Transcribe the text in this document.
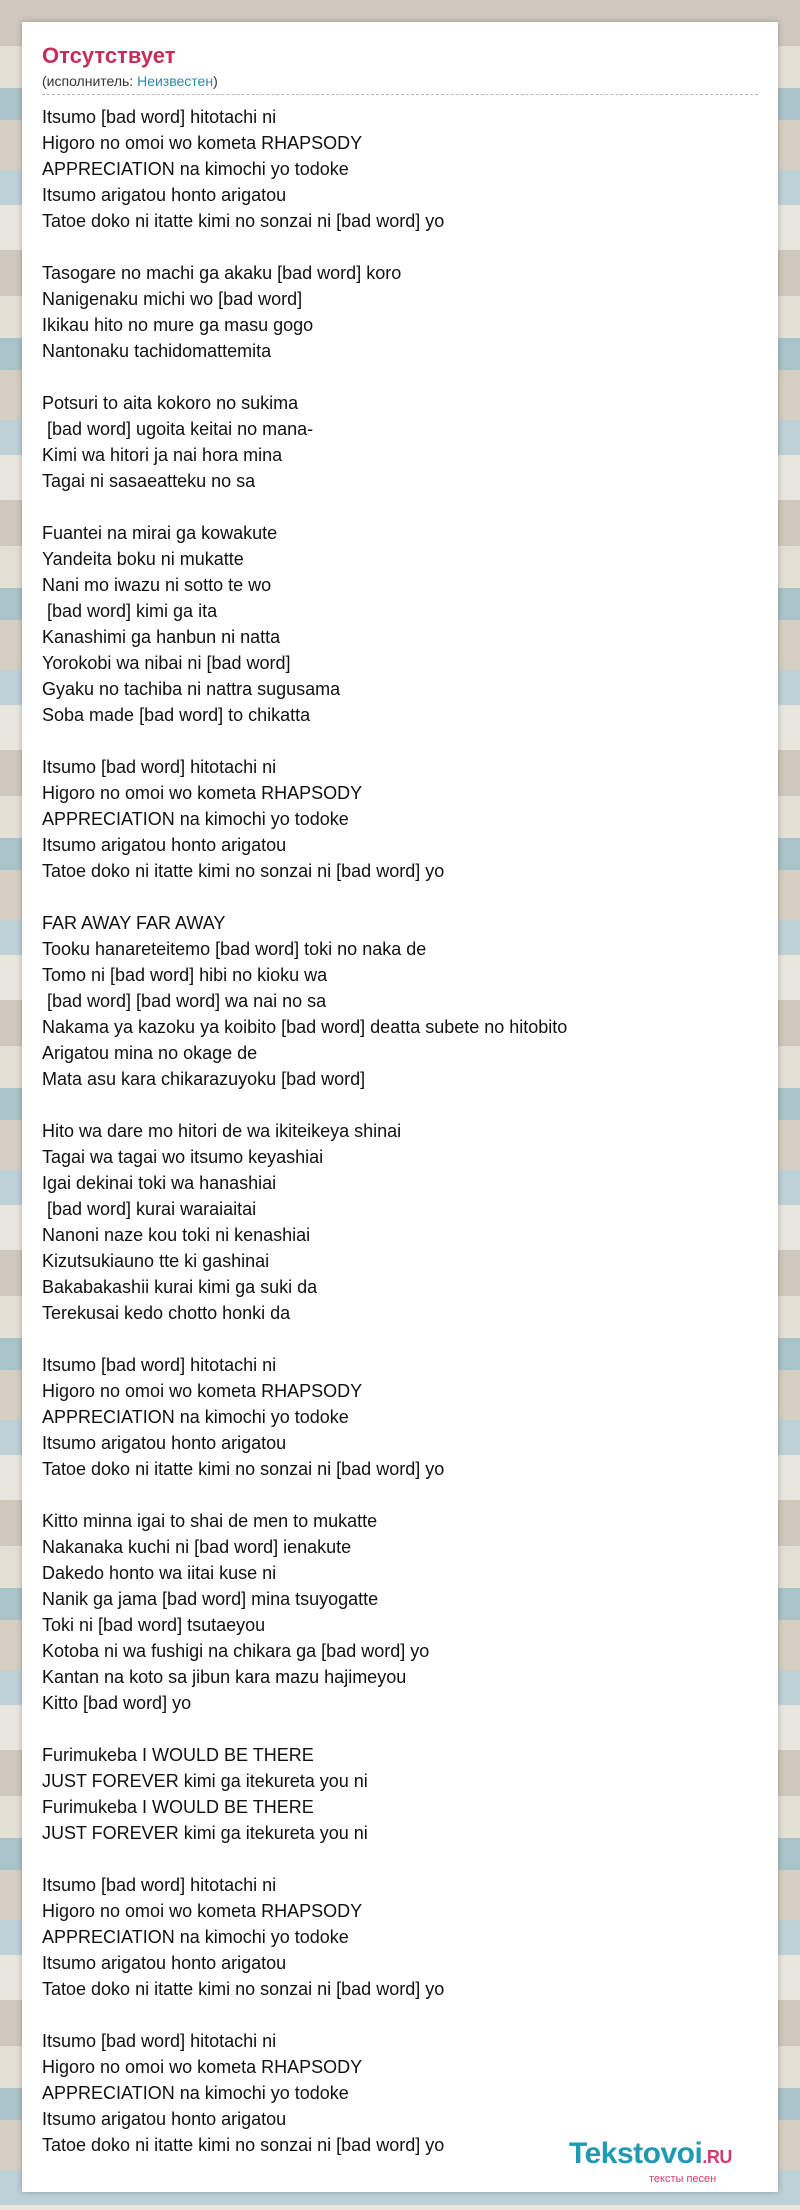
Отсутствует
(исполнитель: Неизвестен)
Itsumo [bad word] hitotachi ni
Higoro no omoi wo kometa RHAPSODY
APPRECIATION na kimochi yo todoke
Itsumo arigatou honto arigatou
Tatoe doko ni itatte kimi no sonzai ni [bad word] yo
Tasogare no machi ga akaku [bad word] koro
Nanigenaku michi wo [bad word]
Ikikau hito no mure ga masu gogo
Nantonaku tachidomattemita
Potsuri to aita kokoro no sukima
[bad word] ugoita keitai no mana-
Kimi wa hitori ja nai hora mina
Tagai ni sasaeatteku no sa
Fuantei na mirai ga kowakute
Yandeita boku ni mukatte
Nani mo iwazu ni sotto te wo
[bad word] kimi ga ita
Kanashimi ga hanbun ni natta
Yorokobi wa nibai ni [bad word]
Gyaku no tachiba ni nattra sugusama
Soba made [bad word] to chikatta
Itsumo [bad word] hitotachi ni
Higoro no omoi wo kometa RHAPSODY
APPRECIATION na kimochi yo todoke
Itsumo arigatou honto arigatou
Tatoe doko ni itatte kimi no sonzai ni [bad word] yo
FAR AWAY FAR AWAY
Tooku hanareteitemo [bad word] toki no naka de
Tomo ni [bad word] hibi no kioku wa
[bad word] [bad word] wa nai no sa
Nakama ya kazoku ya koibito [bad word] deatta subete no hitobito
Arigatou mina no okage de
Mata asu kara chikarazuyoku [bad word]
Hito wa dare mo hitori de wa ikiteikeya shinai
Tagai wa tagai wo itsumo keyashiai
Igai dekinai toki wa hanashiai
[bad word] kurai waraiaitai
Nanoni naze kou toki ni kenashiai
Kizutsukiauno tte ki gashinai
Bakabakashii kurai kimi ga suki da
Terekusai kedo chotto honki da
Itsumo [bad word] hitotachi ni
Higoro no omoi wo kometa RHAPSODY
APPRECIATION na kimochi yo todoke
Itsumo arigatou honto arigatou
Tatoe doko ni itatte kimi no sonzai ni [bad word] yo
Kitto minna igai to shai de men to mukatte
Nakanaka kuchi ni [bad word] ienakute
Dakedo honto wa iitai kuse ni
Nanik ga jama [bad word] mina tsuyogatte
Toki ni [bad word] tsutaeyou
Kotoba ni wa fushigi na chikara ga [bad word] yo
Kantan na koto sa jibun kara mazu hajimeyou
Kitto [bad word] yo
Furimukeba I WOULD BE THERE
JUST FOREVER kimi ga itekureta you ni
Furimukeba I WOULD BE THERE
JUST FOREVER kimi ga itekureta you ni
Itsumo [bad word] hitotachi ni
Higoro no omoi wo kometa RHAPSODY
APPRECIATION na kimochi yo todoke
Itsumo arigatou honto arigatou
Tatoe doko ni itatte kimi no sonzai ni [bad word] yo
Itsumo [bad word] hitotachi ni
Higoro no omoi wo kometa RHAPSODY
APPRECIATION na kimochi yo todoke
Itsumo arigatou honto arigatou
Tatoe doko ni itatte kimi no sonzai ni [bad word] yo	Tekstovoi.RU
тексты песен
